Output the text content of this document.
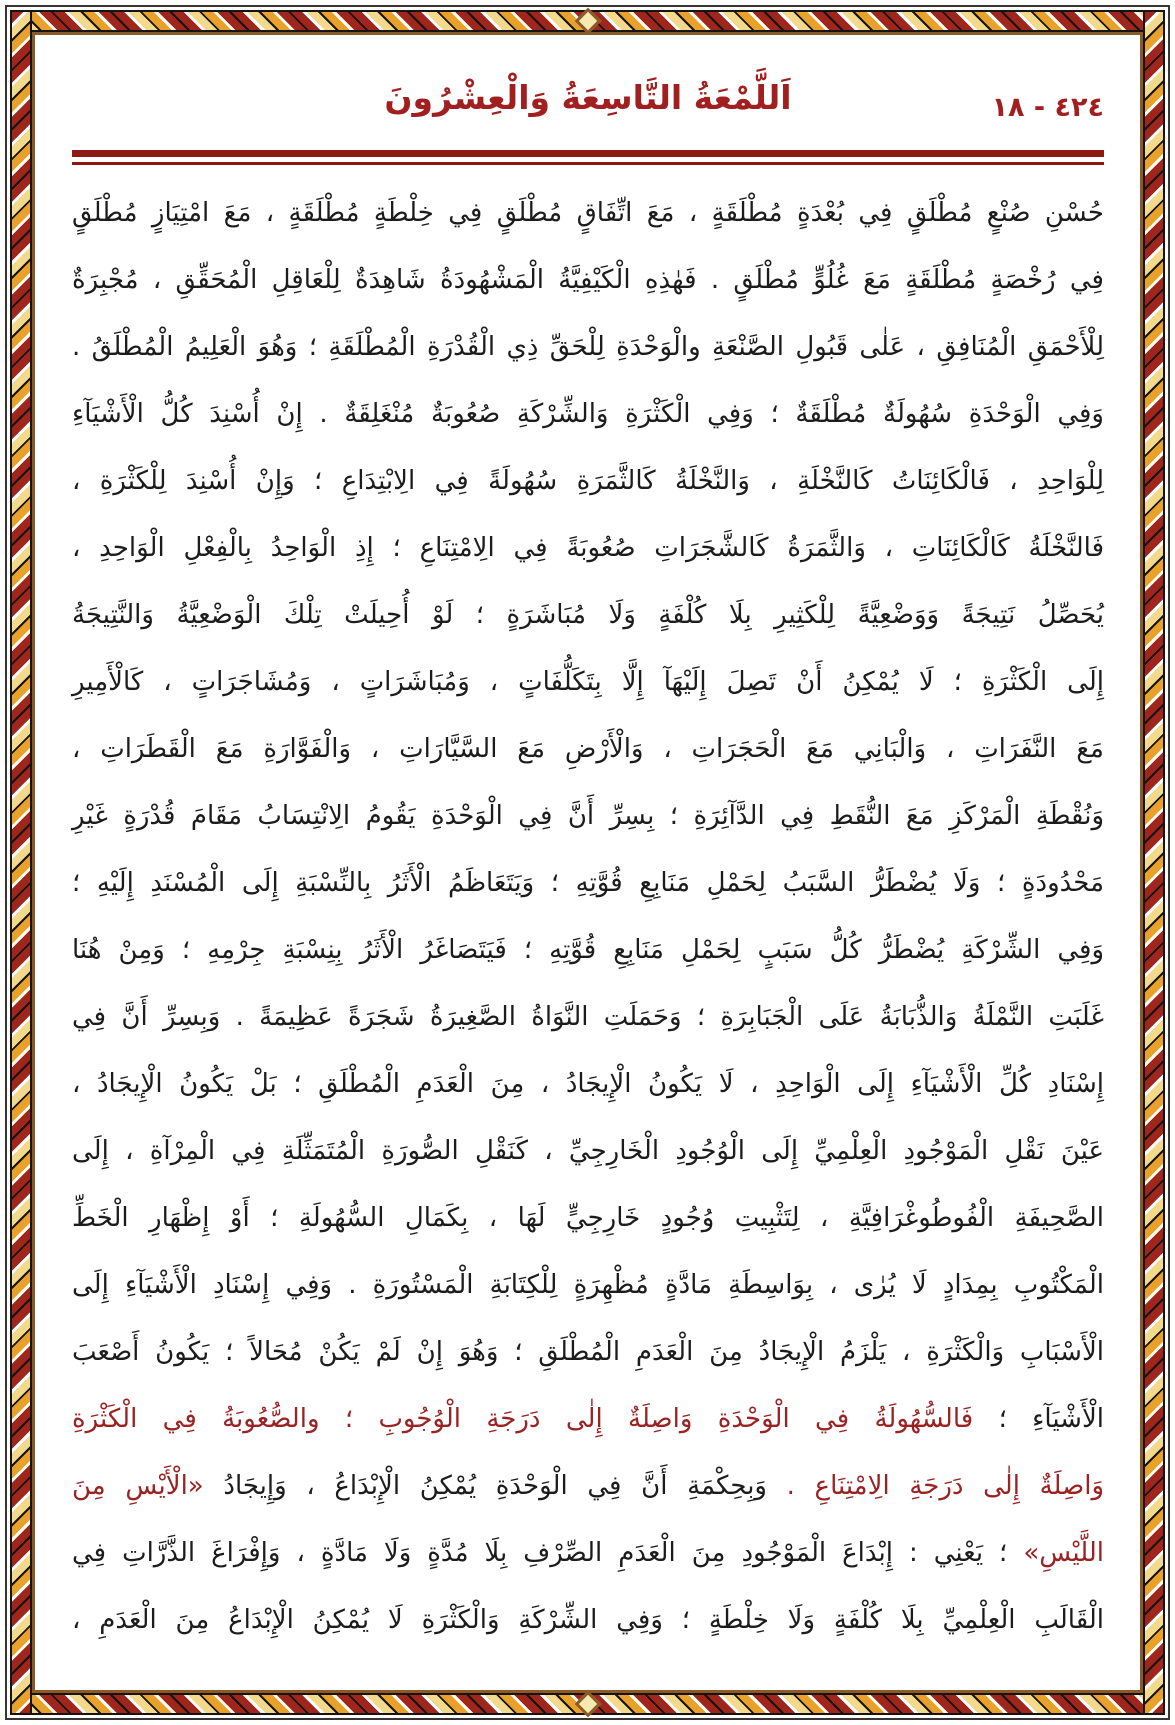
٤٢٤ - ١٨
اَللَّمْعَةُ التَّاسِعَةُ وَالْعِشْرُونَ
حُسْنِ صُنْعٍ مُطْلَقٍ فِي بُعْدَةٍ مُطْلَقَةٍ ، مَعَ اتِّفَاقٍ مُطْلَقٍ فِي خِلْطَةٍ مُطْلَقَةٍ ، مَعَ امْتِيَازٍ مُطْلَقٍ
فِي رُخْصَةٍ مُطْلَقَةٍ مَعَ غُلُوٍّ مُطْلَقٍ . فَهٰذِهِ الْكَيْفِيَّةُ الْمَشْهُودَةُ شَاهِدَةٌ لِلْعَاقِلِ الْمُحَقِّقِ ، مُجْبِرَةٌ
لِلْأَحْمَقِ الْمُنَافِقِ ، عَلٰى قَبُولِ الصَّنْعَةِ والْوَحْدَةِ لِلْحَقِّ ذِي الْقُدْرَةِ الْمُطْلَقَةِ ؛ وَهُوَ الْعَلِيمُ الْمُطْلَقُ .
وَفِي الْوَحْدَةِ سُهُولَةٌ مُطْلَقَةٌ ؛ وَفِي الْكَثْرَةِ وَالشِّرْكَةِ صُعُوبَةٌ مُنْغَلِقَةٌ . إِنْ أُسْنِدَ كُلُّ الْأَشْيَآءِ
لِلْوَاحِدِ ، فَالْكَائِنَاتُ كَالنَّخْلَةِ ، وَالنَّخْلَةُ كَالثَّمَرَةِ سُهُولَةً فِي الِابْتِدَاعِ ؛ وَإِنْ أُسْنِدَ لِلْكَثْرَةِ ،
فَالنَّخْلَةُ كَالْكَائِنَاتِ ، وَالثَّمَرَةُ كَالشَّجَرَاتِ صُعُوبَةً فِي الِامْتِنَاعِ ؛ إِذِ الْوَاحِدُ بِالْفِعْلِ الْوَاحِدِ ،
يُحَصِّلُ نَتِيجَةً وَوَضْعِيَّةً لِلْكَثِيرِ بِلَا كُلْفَةٍ وَلَا مُبَاشَرَةٍ ؛ لَوْ أُحِيلَتْ تِلْكَ الْوَضْعِيَّةُ وَالنَّتِيجَةُ
إِلَى الْكَثْرَةِ ؛ لَا يُمْكِنُ أَنْ تَصِلَ إِلَيْهَآ إِلَّا بِتَكَلُّفَاتٍ ، وَمُبَاشَرَاتٍ ، وَمُشَاجَرَاتٍ ، كَالْأَمِيرِ
مَعَ النَّفَرَاتِ ، وَالْبَانِي مَعَ الْحَجَرَاتِ ، وَالْأَرْضِ مَعَ السَّيَّارَاتِ ، وَالْفَوَّارَةِ مَعَ الْقَطَرَاتِ ،
وَنُقْطَةِ الْمَرْكَزِ مَعَ النُّقَطِ فِي الدَّآئِرَةِ ؛ بِسِرِّ أَنَّ فِي الْوَحْدَةِ يَقُومُ الِانْتِسَابُ مَقَامَ قُدْرَةٍ غَيْرِ
مَحْدُودَةٍ ؛ وَلَا يُضْطَرُّ السَّبَبُ لِحَمْلِ مَنَابِعِ قُوَّتِهِ ؛ وَيَتَعَاظَمُ الْأَثَرُ بِالنِّسْبَةِ إِلَى الْمُسْنَدِ إِلَيْهِ ؛
وَفِي الشِّرْكَةِ يُضْطَرُّ كُلُّ سَبَبٍ لِحَمْلِ مَنَابِعِ قُوَّتِهِ ؛ فَيَتَصَاغَرُ الْأَثَرُ بِنِسْبَةِ جِرْمِهِ ؛ وَمِنْ هُنَا
غَلَبَتِ النَّمْلَةُ وَالذُّبَابَةُ عَلَى الْجَبَابِرَةِ ؛ وَحَمَلَتِ النَّوَاةُ الصَّغِيرَةُ شَجَرَةً عَظِيمَةً . وَبِسِرِّ أَنَّ فِي
إِسْنَادِ كُلِّ الْأَشْيَآءِ إِلَى الْوَاحِدِ ، لَا يَكُونُ الْإِيجَادُ ، مِنَ الْعَدَمِ الْمُطْلَقِ ؛ بَلْ يَكُونُ الْإِيجَادُ ،
عَيْنَ نَقْلِ الْمَوْجُودِ الْعِلْمِيِّ إِلَى الْوُجُودِ الْخَارِجِيِّ ، كَنَقْلِ الصُّورَةِ الْمُتَمَثِّلَةِ فِي الْمِرْآةِ ، إِلَى
الصَّحِيفَةِ الْفُوطُوغْرَافِيَّةِ ، لِتَثْبِيتِ وُجُودٍ خَارِجِيٍّ لَهَا ، بِكَمَالِ السُّهُولَةِ ؛ أَوْ إِظْهَارِ الْخَطِّ
الْمَكْتُوبِ بِمِدَادٍ لَا يُرٰى ، بِوَاسِطَةِ مَادَّةٍ مُظْهِرَةٍ لِلْكِتَابَةِ الْمَسْتُورَةِ . وَفِي إِسْنَادِ الْأَشْيَآءِ إِلَى
الْأَسْبَابِ وَالْكَثْرَةِ ، يَلْزَمُ الْإِيجَادُ مِنَ الْعَدَمِ الْمُطْلَقِ ؛ وَهُوَ إِنْ لَمْ يَكُنْ مُحَالاً ؛ يَكُونُ أَصْعَبَ
الْأَشْيَآءِ ؛ فَالسُّهُولَةُ فِي الْوَحْدَةِ وَاصِلَةٌ إِلٰى دَرَجَةِ الْوُجُوبِ ؛ والصُّعُوبَةُ فِي الْكَثْرَةِ
وَاصِلَةٌ إِلٰى دَرَجَةِ الِامْتِنَاعِ . وَبِحِكْمَةِ أَنَّ فِي الْوَحْدَةِ يُمْكِنُ الْإِبْدَاعُ ، وَإِيجَادُ «الْأَيْسِ مِنَ
اللَّيْسِ» ؛ يَعْنِي : إِبْدَاعَ الْمَوْجُودِ مِنَ الْعَدَمِ الصِّرْفِ بِلَا مُدَّةٍ وَلَا مَادَّةٍ ، وَإِفْرَاغَ الذَّرَّاتِ فِي
الْقَالَبِ الْعِلْمِيِّ بِلَا كُلْفَةٍ وَلَا خِلْطَةٍ ؛ وَفِي الشِّرْكَةِ وَالْكَثْرَةِ لَا يُمْكِنُ الْإِبْدَاعُ مِنَ الْعَدَمِ ،
